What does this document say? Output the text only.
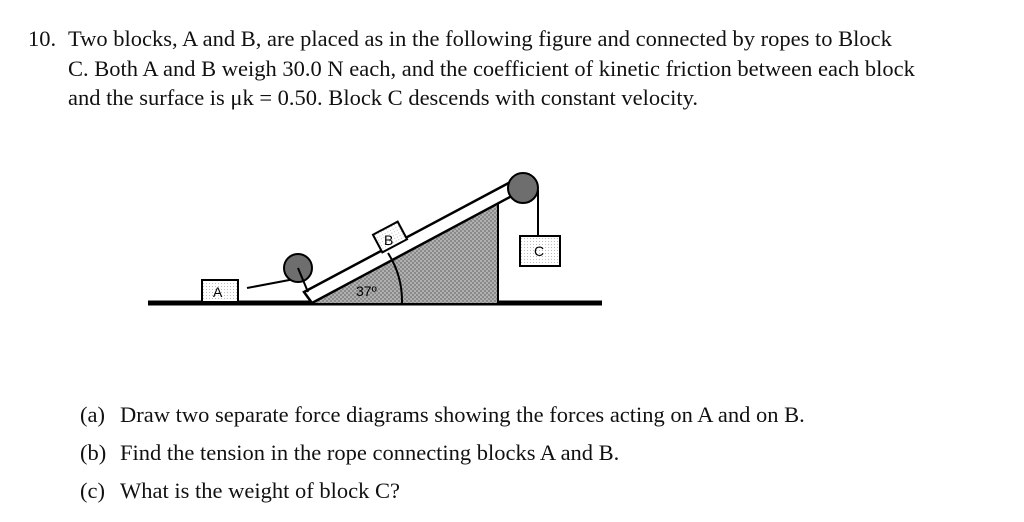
10. Two blocks, A and B, are placed as in the following figure and connected by ropes to Block
C. Both A and B weigh 30.0 N each, and the coefficient of kinetic friction between each block
and the surface is μk = 0.50. Block C descends with constant velocity.
37º
A
B
C
(a) Draw two separate force diagrams showing the forces acting on A and on B.
(b) Find the tension in the rope connecting blocks A and B.
(c) What is the weight of block C?
